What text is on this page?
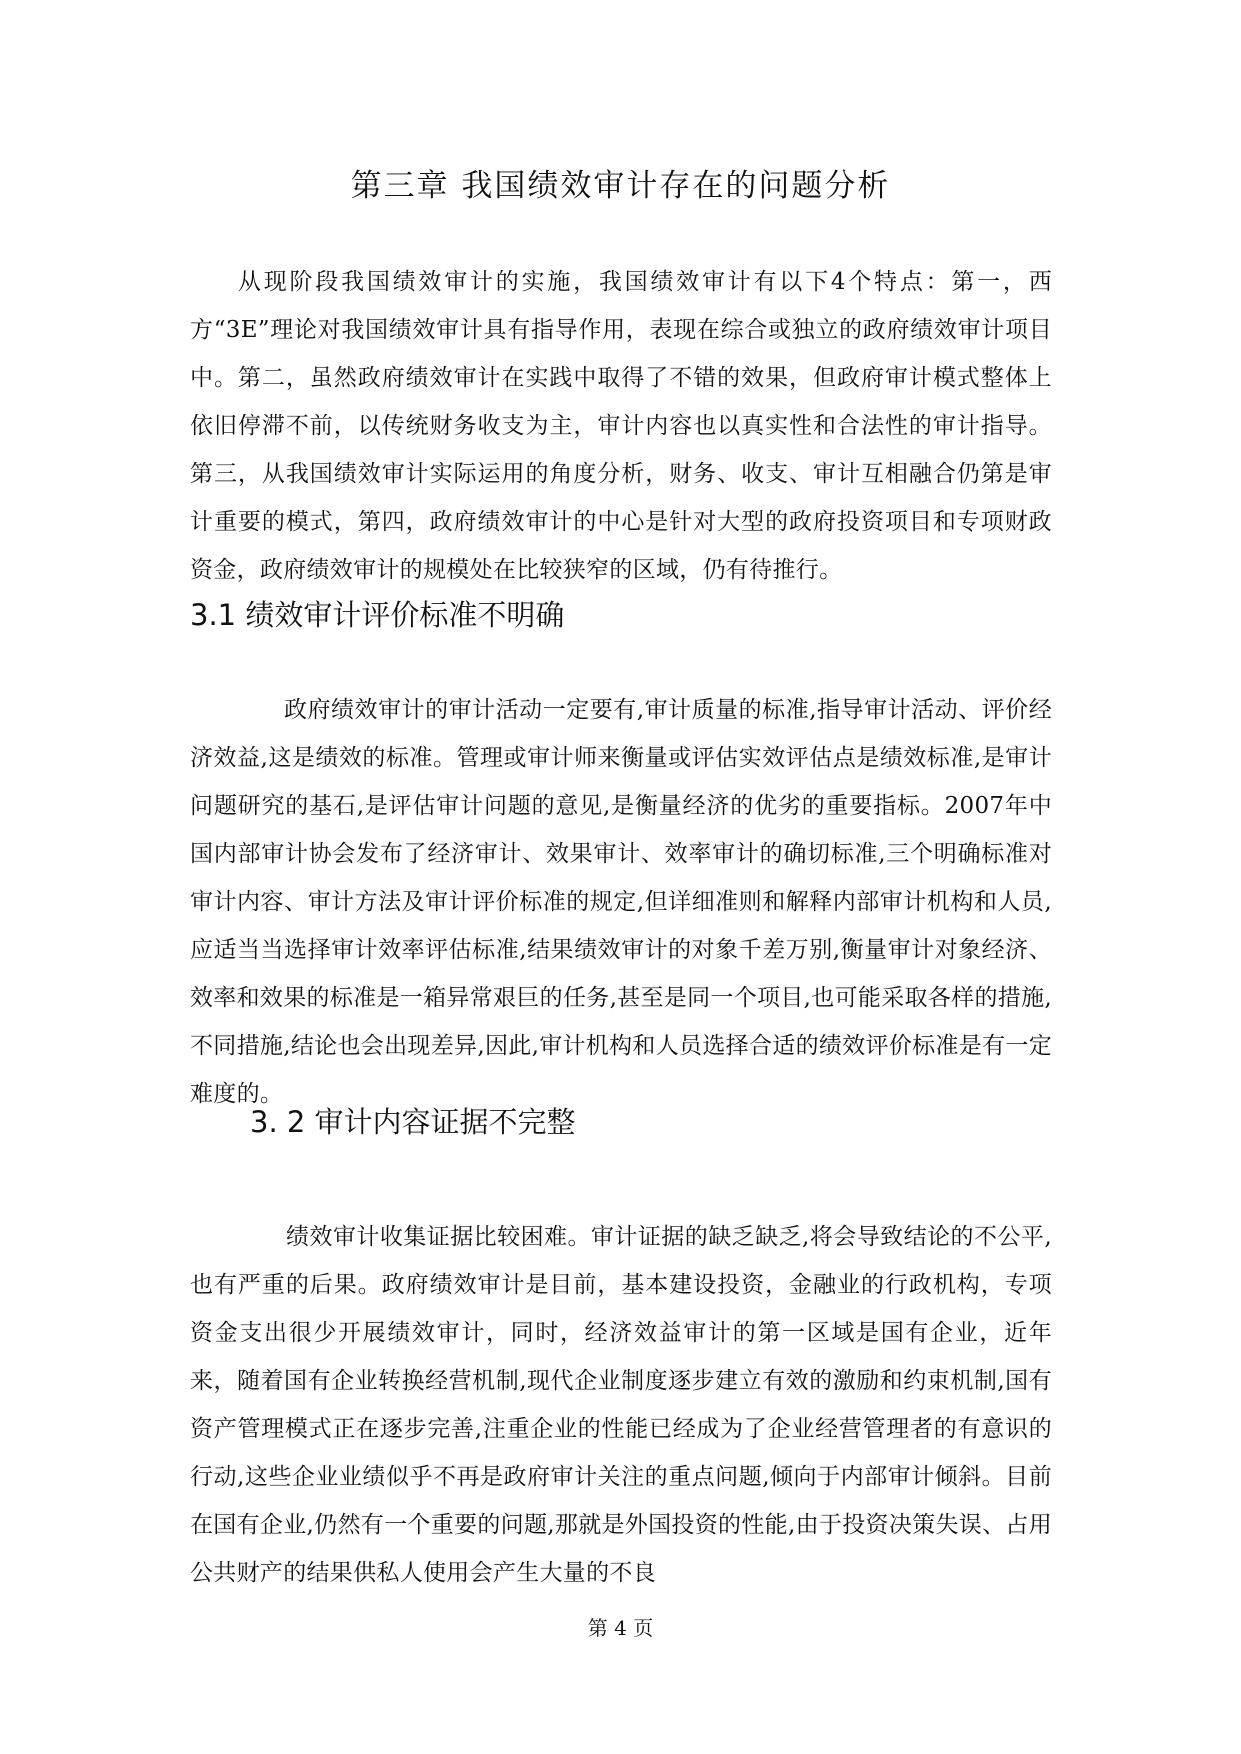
第三章 我国绩效审计存在的问题分析

从现阶段我国绩效审计的实施，我国绩效审计有以下4个特点：第一，西方“3E”理论对我国绩效审计具有指导作用，表现在综合或独立的政府绩效审计项目中。第二，虽然政府绩效审计在实践中取得了不错的效果，但政府审计模式整体上依旧停滞不前，以传统财务收支为主，审计内容也以真实性和合法性的审计指导。第三，从我国绩效审计实际运用的角度分析，财务、收支、审计互相融合仍第是审计重要的模式，第四，政府绩效审计的中心是针对大型的政府投资项目和专项财政资金，政府绩效审计的规模处在比较狭窄的区域，仍有待推行。

3.1 绩效审计评价标准不明确

政府绩效审计的审计活动一定要有,审计质量的标准,指导审计活动、评价经济效益,这是绩效的标准。管理或审计师来衡量或评估实效评估点是绩效标准,是审计问题研究的基石,是评估审计问题的意见,是衡量经济的优劣的重要指标。2007年中国内部审计协会发布了经济审计、效果审计、效率审计的确切标准,三个明确标准对审计内容、审计方法及审计评价标准的规定,但详细准则和解释内部审计机构和人员,应适当当选择审计效率评估标准,结果绩效审计的对象千差万别,衡量审计对象经济、效率和效果的标准是一箱异常艰巨的任务,甚至是同一个项目,也可能采取各样的措施,不同措施,结论也会出现差异,因此,审计机构和人员选择合适的绩效评价标准是有一定难度的。

3. 2 审计内容证据不完整

绩效审计收集证据比较困难。审计证据的缺乏缺乏,将会导致结论的不公平,也有严重的后果。政府绩效审计是目前，基本建设投资，金融业的行政机构，专项资金支出很少开展绩效审计，同时，经济效益审计的第一区域是国有企业，近年来，随着国有企业转换经营机制,现代企业制度逐步建立有效的激励和约束机制,国有资产管理模式正在逐步完善,注重企业的性能已经成为了企业经营管理者的有意识的行动,这些企业业绩似乎不再是政府审计关注的重点问题,倾向于内部审计倾斜。目前在国有企业,仍然有一个重要的问题,那就是外国投资的性能,由于投资决策失误、占用公共财产的结果供私人使用会产生大量的不良

第 4 页
